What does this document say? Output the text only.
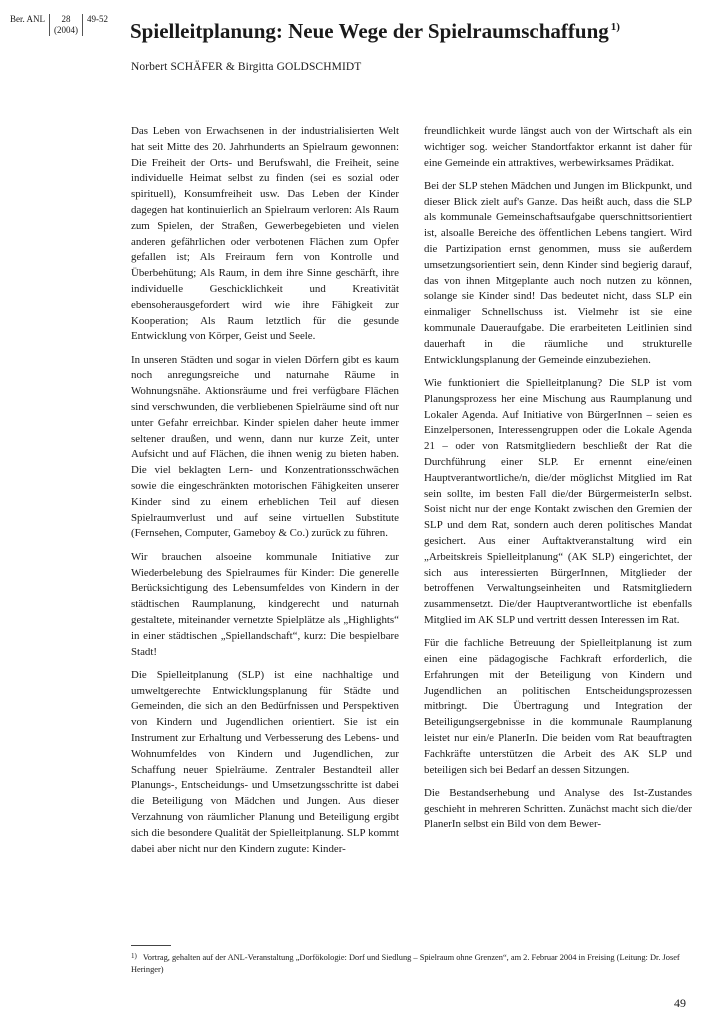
Ber. ANL	28
(2004)
49-52 Spielleitplanung: Neue Wege der Spielraumschaffung $^{1)}$
Norbert SCHÄFER & Birgitta GOLDSCHMIDT

Das Leben von Erwachsenen in der industrialisierten Welt hat seit Mitte des 20. Jahrhunderts an Spielraum gewonnen: Die Freiheit der Orts- und Berufswahl, die Freiheit, seine individuelle Heimat selbst zu finden (sei es sozial oder spirituell), Konsumfreiheit usw. Das Leben der Kinder dagegen hat kontinuierlich an Spielraum verloren: Als Raum zum Spielen, der Straßen, Gewerbegebieten und vielen anderen gefährlichen oder verbotenen Flächen zum Opfer gefallen ist; Als Freiraum fern von Kontrolle und Überbehütung; Als Raum, in dem ihre Sinne geschärft, ihre individuelle Geschicklichkeit und Kreativität ebensoherausgefordert wird wie ihre Fähigkeit zur Kooperation; Als Raum letztlich für die gesunde Entwicklung von Körper, Geist und Seele.

In unseren Städten und sogar in vielen Dörfern gibt es kaum noch anregungsreiche und naturnahe Räume in Wohnungsnähe. Aktionsräume und frei verfügbare Flächen sind verschwunden, die verbliebenen Spielräume sind oft nur unter Gefahr erreichbar. Kinder spielen daher heute immer seltener draußen, und wenn, dann nur kurze Zeit, unter Aufsicht und auf Flächen, die ihnen wenig zu bieten haben. Die viel beklagten Lern- und Konzentrationsschwächen sowie die eingeschränkten motorischen Fähigkeiten unserer Kinder sind zu einem erheblichen Teil auf diesen Spielraumverlust und auf seine virtuellen Substitute (Fernsehen, Computer, Gameboy & Co.) zurück zu führen.

Wir brauchen alsoeine kommunale Initiative zur Wiederbelebung des Spielraumes für Kinder: Die generelle Berücksichtigung des Lebensumfeldes von Kindern in der städtischen Raumplanung, kindgerecht und naturnah gestaltete, miteinander vernetzte Spielplätze als „Highlights“ in einer städtischen „Spiellandschaft“, kurz: Die bespielbare Stadt!

Die Spielleitplanung (SLP) ist eine nachhaltige und umweltgerechte Entwicklungsplanung für Städte und Gemeinden, die sich an den Bedürfnissen und Perspektiven von Kindern und Jugendlichen orientiert. Sie ist ein Instrument zur Erhaltung und Verbesserung des Lebens- und Wohnumfeldes von Kindern und Jugendlichen, zur Schaffung neuer Spielräume. Zentraler Bestandteil aller Planungs-, Entscheidungs- und Umsetzungsschritte ist dabei die Beteiligung von Mädchen und Jungen. Aus dieser Verzahnung von räumlicher Planung und Beteiligung ergibt sich die besondere Qualität der Spielleitplanung. SLP kommt dabei aber nicht nur den Kindern zugute: Kinder-

freundlichkeit wurde längst auch von der Wirtschaft als ein wichtiger sog. weicher Standortfaktor erkannt ist daher für eine Gemeinde ein attraktives, werbewirksames Prädikat.

Bei der SLP stehen Mädchen und Jungen im Blickpunkt, und dieser Blick zielt auf's Ganze. Das heißt auch, dass die SLP als kommunale Gemeinschaftsaufgabe querschnittsorientiert ist, alsoalle Bereiche des öffentlichen Lebens tangiert. Wird die Partizipation ernst genommen, muss sie außerdem umsetzungsorientiert sein, denn Kinder sind begierig darauf, das von ihnen Mitgeplante auch noch nutzen zu können, solange sie Kinder sind! Das bedeutet nicht, dass SLP ein einmaliger Schnellschuss ist. Vielmehr ist sie eine kommunale Daueraufgabe. Die erarbeiteten Leitlinien sind dauerhaft in die räumliche und strukturelle Entwicklungsplanung der Gemeinde einzubeziehen.

Wie funktioniert die Spielleitplanung? Die SLP ist vom Planungsprozess her eine Mischung aus Raumplanung und Lokaler Agenda. Auf Initiative von BürgerInnen – seien es Einzelpersonen, Interessengruppen oder die Lokale Agenda 21 – oder von Ratsmitgliedern beschließt der Rat die Durchführung einer SLP. Er ernennt eine/einen Hauptverantwortliche/n, die/der möglichst Mitglied im Rat sein sollte, im besten Fall die/der BürgermeisterIn selbst. Soist nicht nur der enge Kontakt zwischen den Gremien der SLP und dem Rat, sondern auch deren politisches Mandat gesichert. Aus einer Auftaktveranstaltung wird ein „Arbeitskreis Spielleitplanung“ (AK SLP) eingerichtet, der sich aus interessierten BürgerInnen, Mitglieder der betroffenen Verwaltungseinheiten und Ratsmitgliedern zusammensetzt. Die/der Hauptverantwortliche ist ebenfalls Mitglied im AK SLP und vertritt dessen Interessen im Rat.

Für die fachliche Betreuung der Spielleitplanung ist zum einen eine pädagogische Fachkraft erforderlich, die Erfahrungen mit der Beteiligung von Kindern und Jugendlichen an politischen Entscheidungsprozessen mitbringt. Die Übertragung und Integration der Beteiligungsergebnisse in die kommunale Raumplanung leistet nur ein/e PlanerIn. Die beiden vom Rat beauftragten Fachkräfte unterstützen die Arbeit des AK SLP und beteiligen sich bei Bedarf an dessen Sitzungen.

Die Bestandserhebung und Analyse des Ist-Zustandes geschieht in mehreren Schritten. Zunächst macht sich die/der PlanerIn selbst ein Bild von dem Bewer-

$^{1)}$ Vortrag, gehalten auf der ANL-Veranstaltung „Dorfökologie: Dorf und Siedlung – Spielraum ohne Grenzen“, am 2. Februar 2004 in Freising (Leitung: Dr. Josef Heringer)
49
